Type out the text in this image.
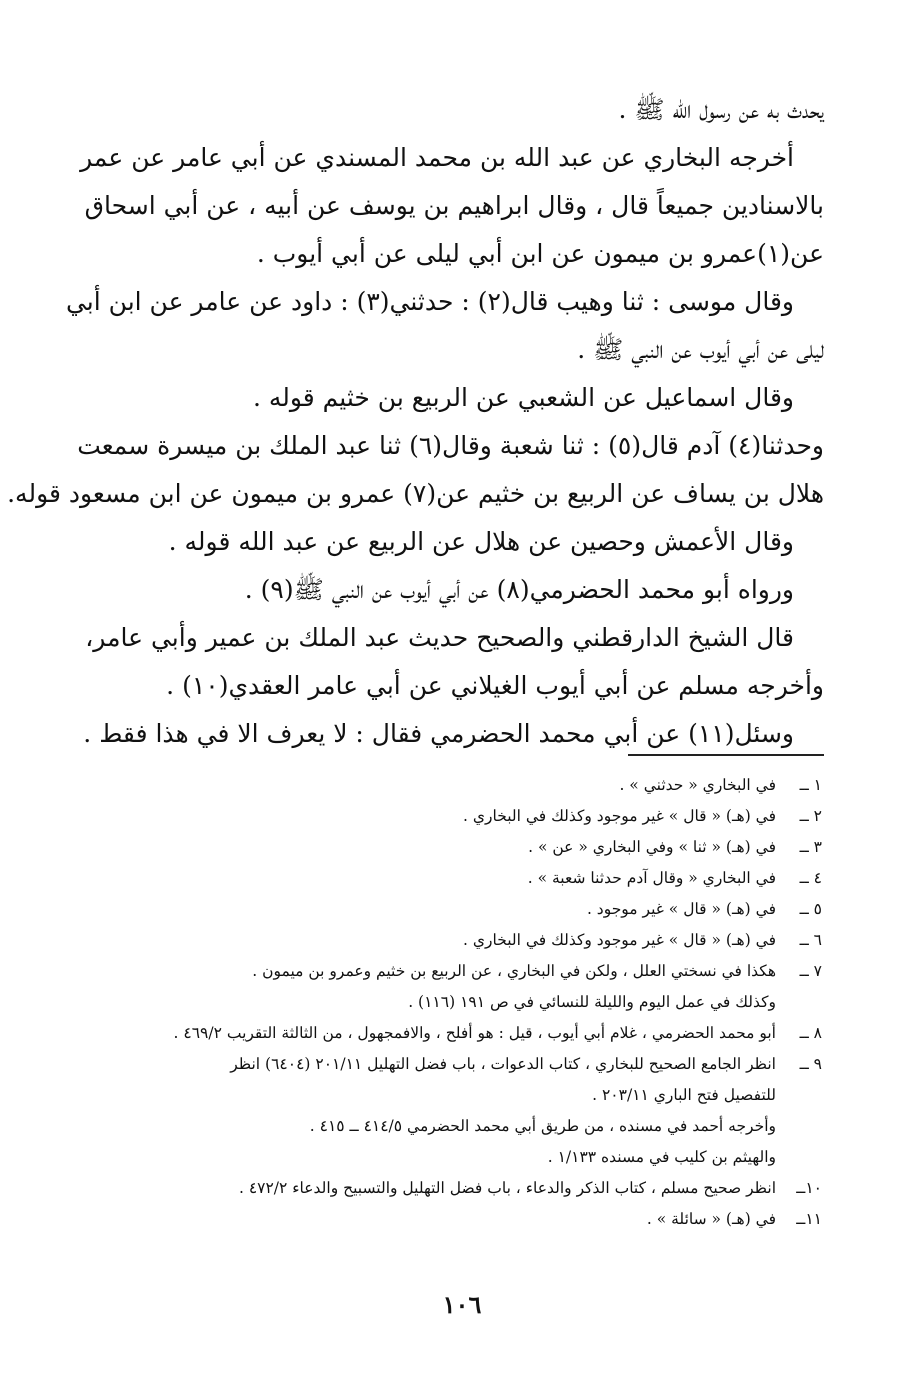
يحدث به عن رسول الله ﷺ .
أخرجه البخاري عن عبد الله بن محمد المسندي عن أبي عامر عن عمر
بالاسنادين جميعاً قال ، وقال ابراهيم بن يوسف عن أبيه ، عن أبي اسحاق
عن(١)عمرو بن ميمون عن ابن أبي ليلى عن أبي أيوب .
وقال موسى : ثنا وهيب قال(٢) : حدثني(٣) : داود عن عامر عن ابن أبي
ليلى عن أبي أيوب عن النبي ﷺ .
وقال اسماعيل عن الشعبي عن الربيع بن خثيم قوله .
وحدثنا(٤) آدم قال(٥) : ثنا شعبة وقال(٦) ثنا عبد الملك بن ميسرة سمعت
هلال بن يساف عن الربيع بن خثيم عن(٧) عمرو بن ميمون عن ابن مسعود قوله.
وقال الأعمش وحصين عن هلال عن الربيع عن عبد الله قوله .
ورواه أبو محمد الحضرمي(٨) عن أبي أيوب عن النبي ﷺ(٩) .
قال الشيخ الدارقطني والصحيح حديث عبد الملك بن عمير وأبي عامر،
وأخرجه مسلم عن أبي أيوب الغيلاني عن أبي عامر العقدي(١٠) .
وسئل(١١) عن أبي محمد الحضرمي فقال : لا يعرف الا في هذا فقط .
١ ــ
في البخاري « حدثني » .
٢ ــ
في (هـ) « قال » غير موجود وكذلك في البخاري .
٣ ــ
في (هـ) « ثنا » وفي البخاري « عن » .
٤ ــ
في البخاري « وقال آدم حدثنا شعبة » .
٥ ــ
في (هـ) « قال » غير موجود .
٦ ــ
في (هـ) « قال » غير موجود وكذلك في البخاري .
٧ ــ
هكذا في نسختي العلل ، ولكن في البخاري ، عن الربيع بن خثيم وعمرو بن ميمون .
وكذلك في عمل اليوم والليلة للنسائي في ص ١٩١ (١١٦) .
٨ ــ
أبو محمد الحضرمي ، غلام أبي أيوب ، قيل : هو أفلح ، والافمجهول ، من الثالثة التقريب ٤٦٩/٢ .
٩ ــ
انظر الجامع الصحيح للبخاري ، كتاب الدعوات ، باب فضل التهليل ٢٠١/١١ (٦٤٠٤) انظر
للتفصيل فتح الباري ٢٠٣/١١ .
وأخرجه أحمد في مسنده ، من طريق أبي محمد الحضرمي ٤١٤/٥ ــ ٤١٥ .
والهيثم بن كليب في مسنده ١/١٣٣ .
١٠ــ
انظر صحيح مسلم ، كتاب الذكر والدعاء ، باب فضل التهليل والتسبيح والدعاء ٤٧٢/٢ .
١١ــ
في (هـ) « سائلة » .
١٠٦
